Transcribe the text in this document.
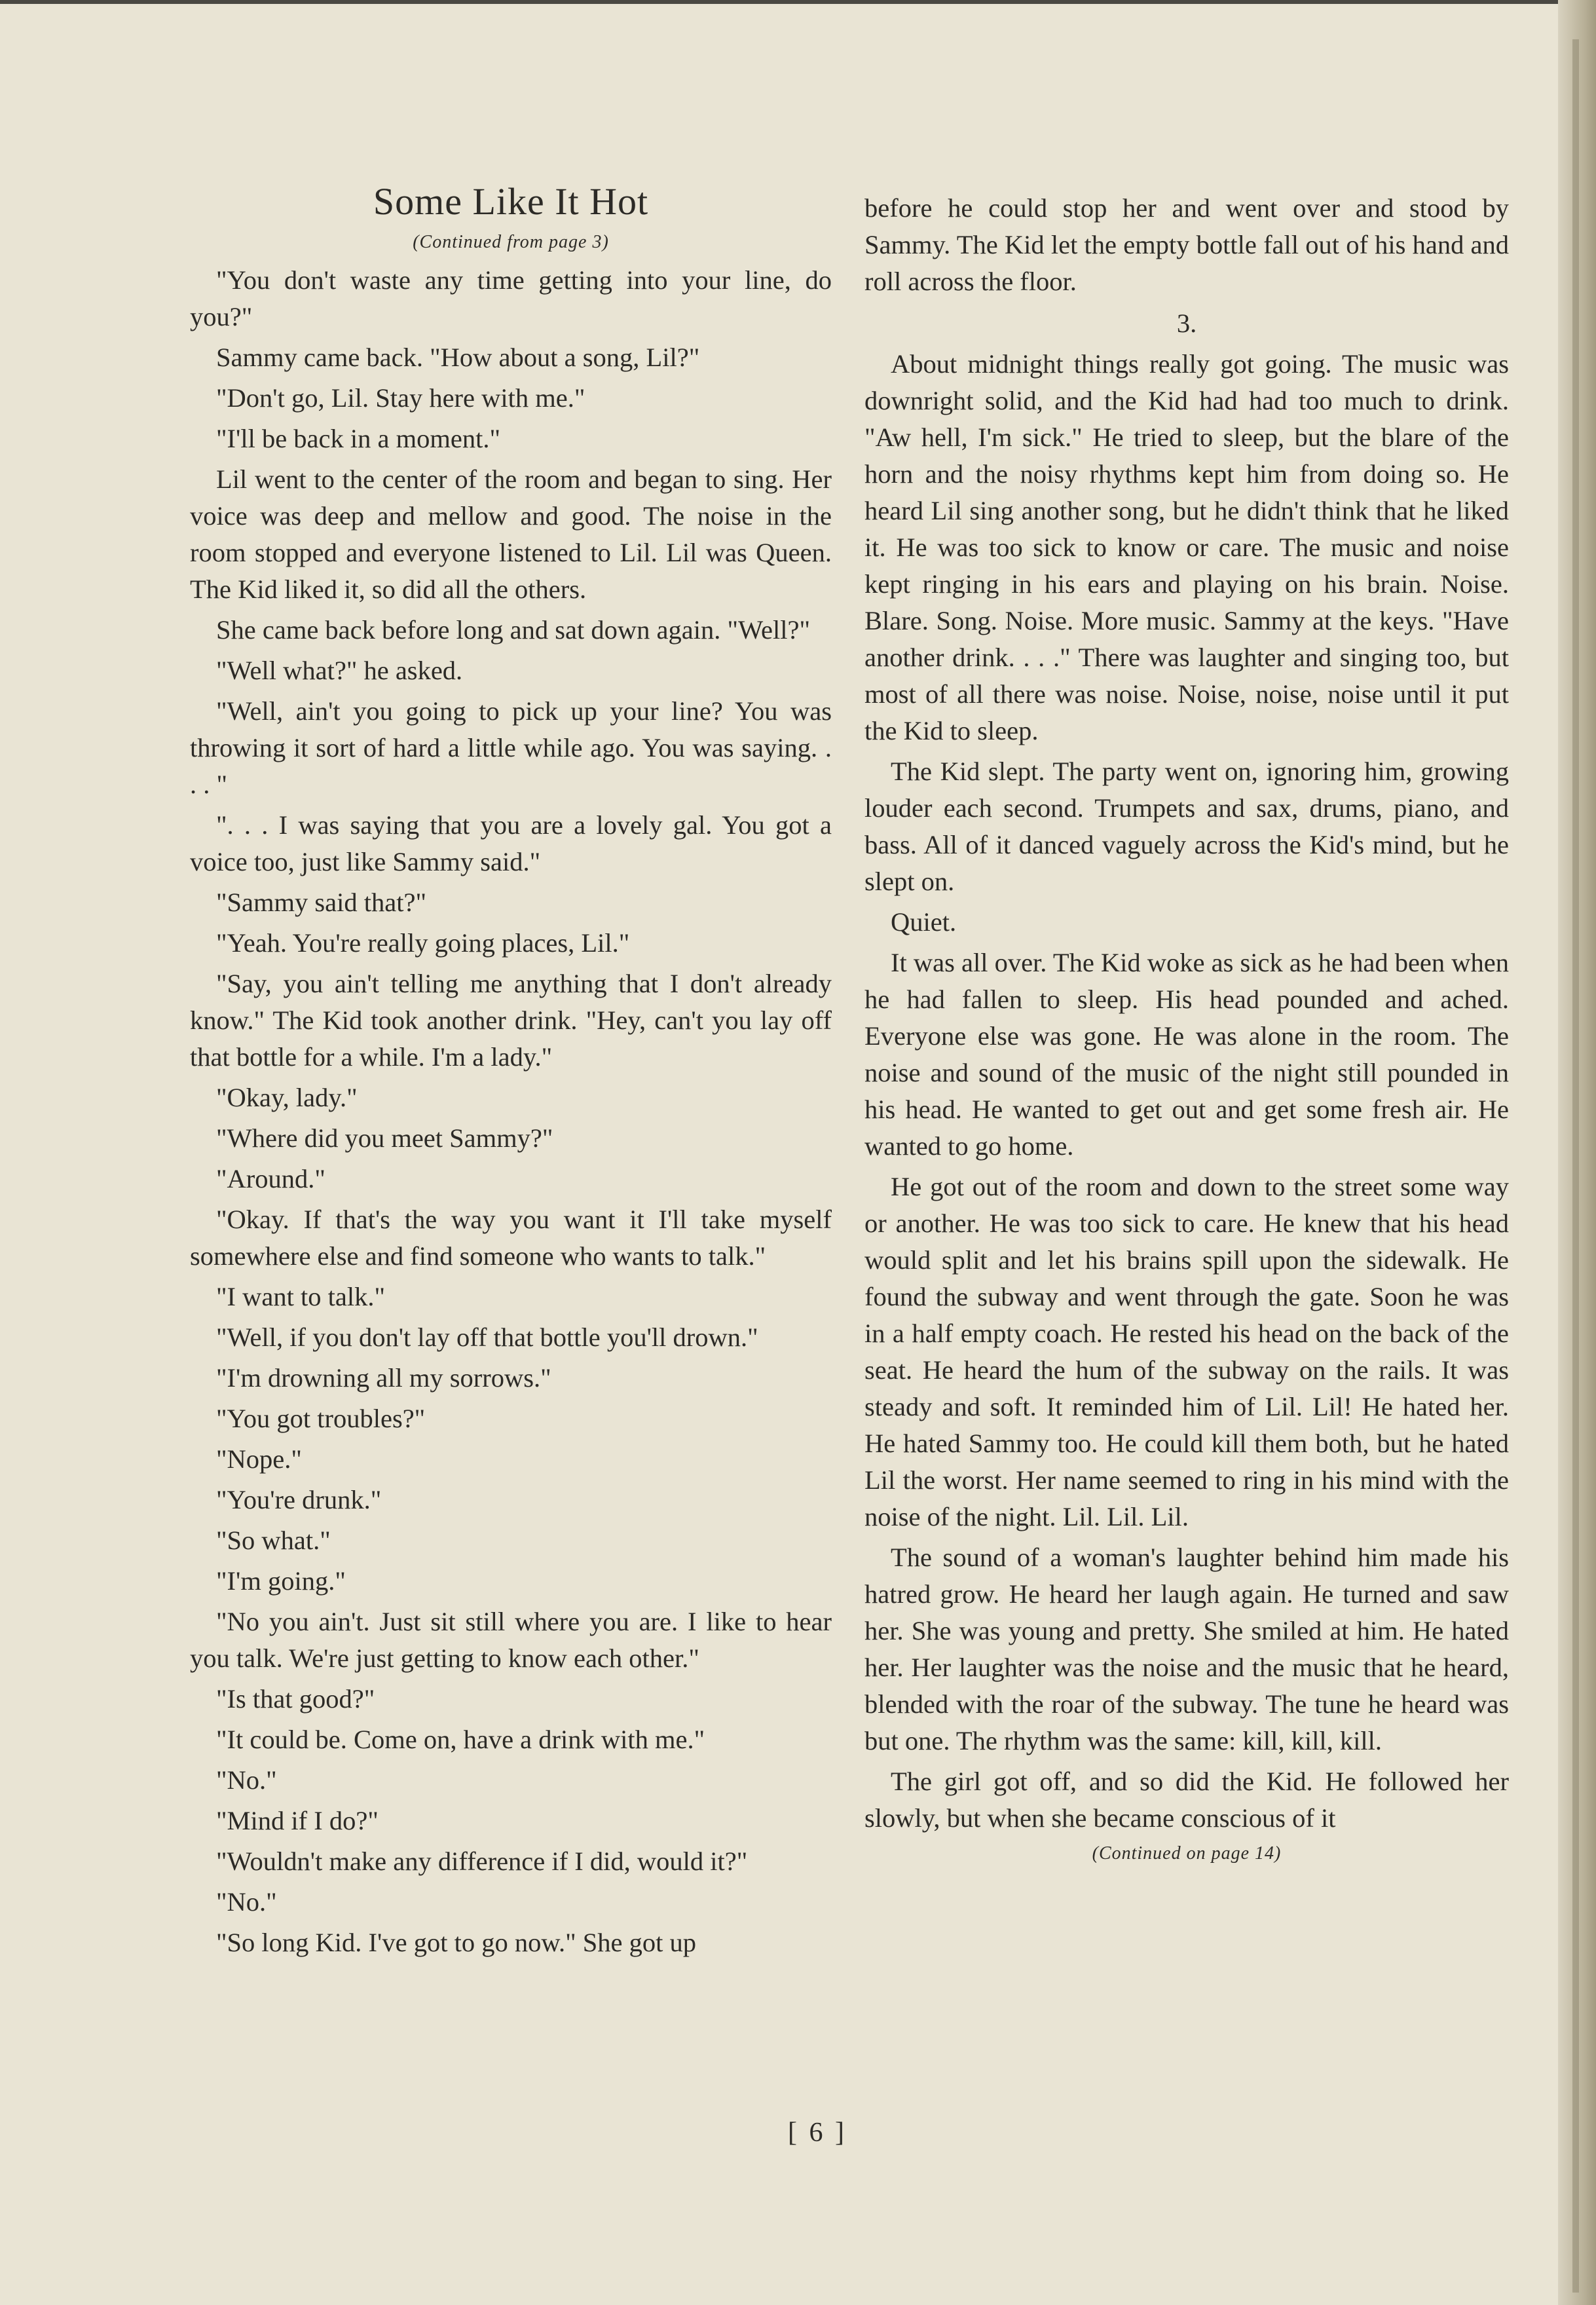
Some Like It Hot

(Continued from page 3)

"You don't waste any time getting into your line, do you?"

Sammy came back. "How about a song, Lil?"

"Don't go, Lil. Stay here with me."

"I'll be back in a moment."

Lil went to the center of the room and began to sing. Her voice was deep and mellow and good. The noise in the room stopped and everyone listened to Lil. Lil was Queen. The Kid liked it, so did all the others.

She came back before long and sat down again. "Well?"

"Well what?" he asked.

"Well, ain't you going to pick up your line? You was throwing it sort of hard a little while ago. You was saying. . . . "

". . . I was saying that you are a lovely gal. You got a voice too, just like Sammy said."

"Sammy said that?"

"Yeah. You're really going places, Lil."

"Say, you ain't telling me anything that I don't already know." The Kid took another drink. "Hey, can't you lay off that bottle for a while. I'm a lady."

"Okay, lady."

"Where did you meet Sammy?"

"Around."

"Okay. If that's the way you want it I'll take myself somewhere else and find someone who wants to talk."

"I want to talk."

"Well, if you don't lay off that bottle you'll drown."

"I'm drowning all my sorrows."

"You got troubles?"

"Nope."

"You're drunk."

"So what."

"I'm going."

"No you ain't. Just sit still where you are. I like to hear you talk. We're just getting to know each other."

"Is that good?"

"It could be. Come on, have a drink with me."

"No."

"Mind if I do?"

"Wouldn't make any difference if I did, would it?"

"No."

"So long Kid. I've got to go now." She got up

before he could stop her and went over and stood by Sammy. The Kid let the empty bottle fall out of his hand and roll across the floor.

3.

About midnight things really got going. The music was downright solid, and the Kid had had too much to drink. "Aw hell, I'm sick." He tried to sleep, but the blare of the horn and the noisy rhythms kept him from doing so. He heard Lil sing another song, but he didn't think that he liked it. He was too sick to know or care. The music and noise kept ringing in his ears and playing on his brain. Noise. Blare. Song. Noise. More music. Sammy at the keys. "Have another drink. . . ." There was laughter and singing too, but most of all there was noise. Noise, noise, noise until it put the Kid to sleep.

The Kid slept. The party went on, ignoring him, growing louder each second. Trumpets and sax, drums, piano, and bass. All of it danced vaguely across the Kid's mind, but he slept on.

Quiet.

It was all over. The Kid woke as sick as he had been when he had fallen to sleep. His head pounded and ached. Everyone else was gone. He was alone in the room. The noise and sound of the music of the night still pounded in his head. He wanted to get out and get some fresh air. He wanted to go home.

He got out of the room and down to the street some way or another. He was too sick to care. He knew that his head would split and let his brains spill upon the sidewalk. He found the subway and went through the gate. Soon he was in a half empty coach. He rested his head on the back of the seat. He heard the hum of the subway on the rails. It was steady and soft. It reminded him of Lil. Lil! He hated her. He hated Sammy too. He could kill them both, but he hated Lil the worst. Her name seemed to ring in his mind with the noise of the night. Lil. Lil. Lil.

The sound of a woman's laughter behind him made his hatred grow. He heard her laugh again. He turned and saw her. She was young and pretty. She smiled at him. He hated her. Her laughter was the noise and the music that he heard, blended with the roar of the subway. The tune he heard was but one. The rhythm was the same: kill, kill, kill.

The girl got off, and so did the Kid. He followed her slowly, but when she became conscious of it

(Continued on page 14)

[ 6 ]
